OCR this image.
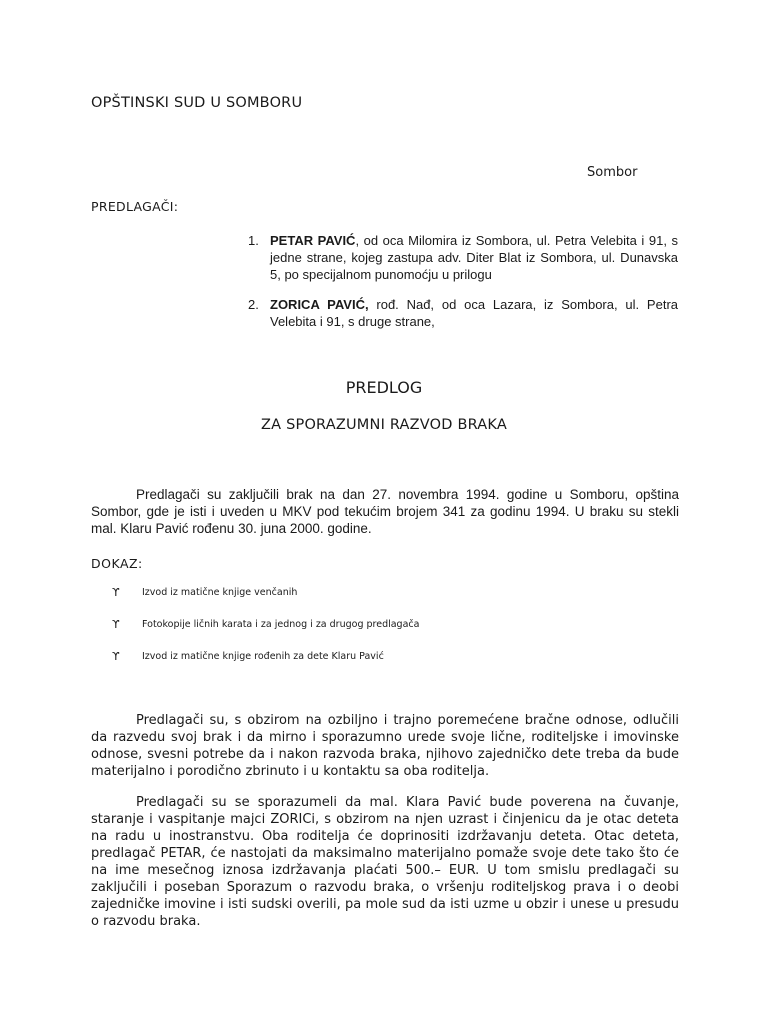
OPŠTINSKI SUD U SOMBORU
Sombor
PREDLAGAČI:
1. PETAR PAVIĆ, od oca Milomira iz Sombora, ul. Petra Velebita i 91, s jedne strane, kojeg zastupa adv. Diter Blat iz Sombora, ul. Dunavska 5, po specijalnom punomoćju u prilogu
2. ZORICA PAVIĆ, rođ. Nađ, od oca Lazara, iz Sombora, ul. Petra Velebita i 91, s druge strane,
PREDLOG
ZA SPORAZUMNI RAZVOD BRAKA
Predlagači su zaključili brak na dan 27. novembra 1994. godine u Somboru, opština Sombor, gde je isti i uveden u MKV pod tekućim brojem 341 za godinu 1994. U braku su stekli mal. Klaru Pavić rođenu 30. juna 2000. godine.
DOKAZ:
ϒ Izvod iz matične knjige venčanih
ϒ Fotokopije ličnih karata i za jednog i za drugog predlagača
ϒ Izvod iz matične knjige rođenih za dete Klaru Pavić
Predlagači su, s obzirom na ozbiljno i trajno poremećene bračne odnose, odlučili da razvedu svoj brak i da mirno i sporazumno urede svoje lične, roditeljske i imovinske odnose, svesni potrebe da i nakon razvoda braka, njihovo zajedničko dete treba da bude materijalno i porodično zbrinuto i u kontaktu sa oba roditelja.
Predlagači su se sporazumeli da mal. Klara Pavić bude poverena na čuvanje, staranje i vaspitanje majci ZORICi, s obzirom na njen uzrast i činjenicu da je otac deteta na radu u inostranstvu. Oba roditelja će doprinositi izdržavanju deteta. Otac deteta, predlagač PETAR, će nastojati da maksimalno materijalno pomaže svoje dete tako što će na ime mesečnog iznosa izdržavanja plaćati 500.– EUR. U tom smislu predlagači su zaključili i poseban Sporazum o razvodu braka, o vršenju roditeljskog prava i o deobi zajedničke imovine i isti sudski overili, pa mole sud da isti uzme u obzir i unese u presudu o razvodu braka.
